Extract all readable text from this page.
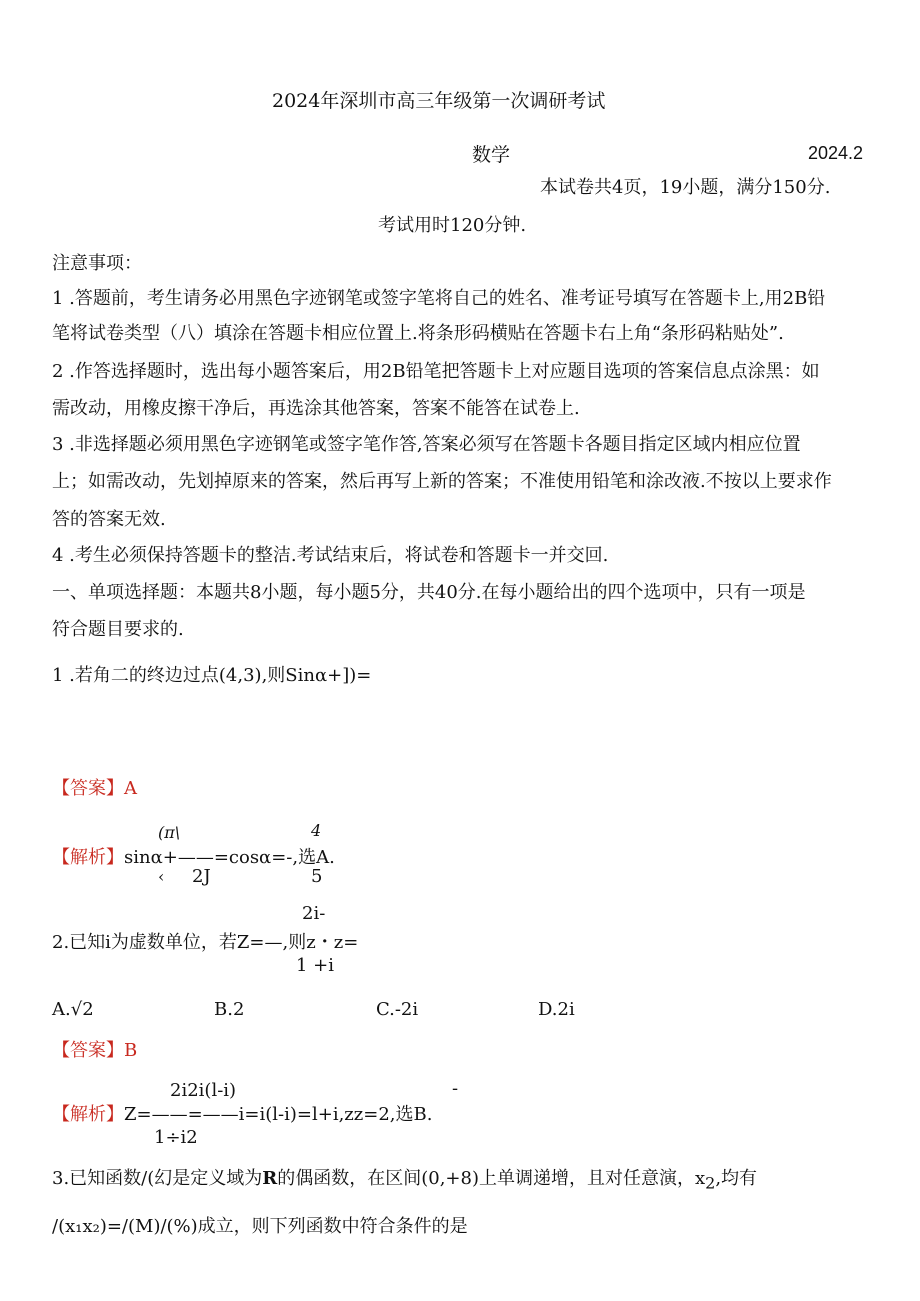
2024年深圳市高三年级第一次调研考试
数学	2024.2
本试卷共4页，19小题，满分150分.
考试用时120分钟.
注意事项：
1 .答题前，考生请务必用黑色字迹钢笔或签字笔将自己的姓名、准考证号填写在答题卡上,用2B铅
笔将试卷类型（八）填涂在答题卡相应位置上.将条形码横贴在答题卡右上角“条形码粘贴处”.
2 .作答选择题时，选出每小题答案后，用2B铅笔把答题卡上对应题目选项的答案信息点涂黑：如
需改动，用橡皮擦干净后，再选涂其他答案，答案不能答在试卷上.
3 .非选择题必须用黑色字迹钢笔或签字笔作答,答案必须写在答题卡各题目指定区域内相应位置
上；如需改动，先划掉原来的答案，然后再写上新的答案；不准使用铅笔和涂改液.不按以上要求作
答的答案无效.
4 .考生必须保持答题卡的整洁.考试结束后，将试卷和答题卡一并交回.
一、单项选择题：本题共8小题，每小题5分，共40分.在每小题给出的四个选项中，只有一项是
符合题目要求的.
1 .若角二的终边过点(4,3),则Sinα+])=
【答案】A
(π\	4
【解析】sinα+——=cosα=-,选A.
‹ 2J	5
2i-
2.已知i为虚数单位，若Z=—,则z・z=
1 +i
A.√2	B.2	C.-2i	D.2i
【答案】B
2i2i(l-i)	-
【解析】Z=——=——i=i(l-i)=l+i,zz=2,选B.
1÷i2
3.已知函数/(幻是定义域为R的偶函数，在区间(0,+8)上单调递增，且对任意演，$x_2$,均有
/(x₁x₂)=/(M)/(%)成立，则下列函数中符合条件的是
